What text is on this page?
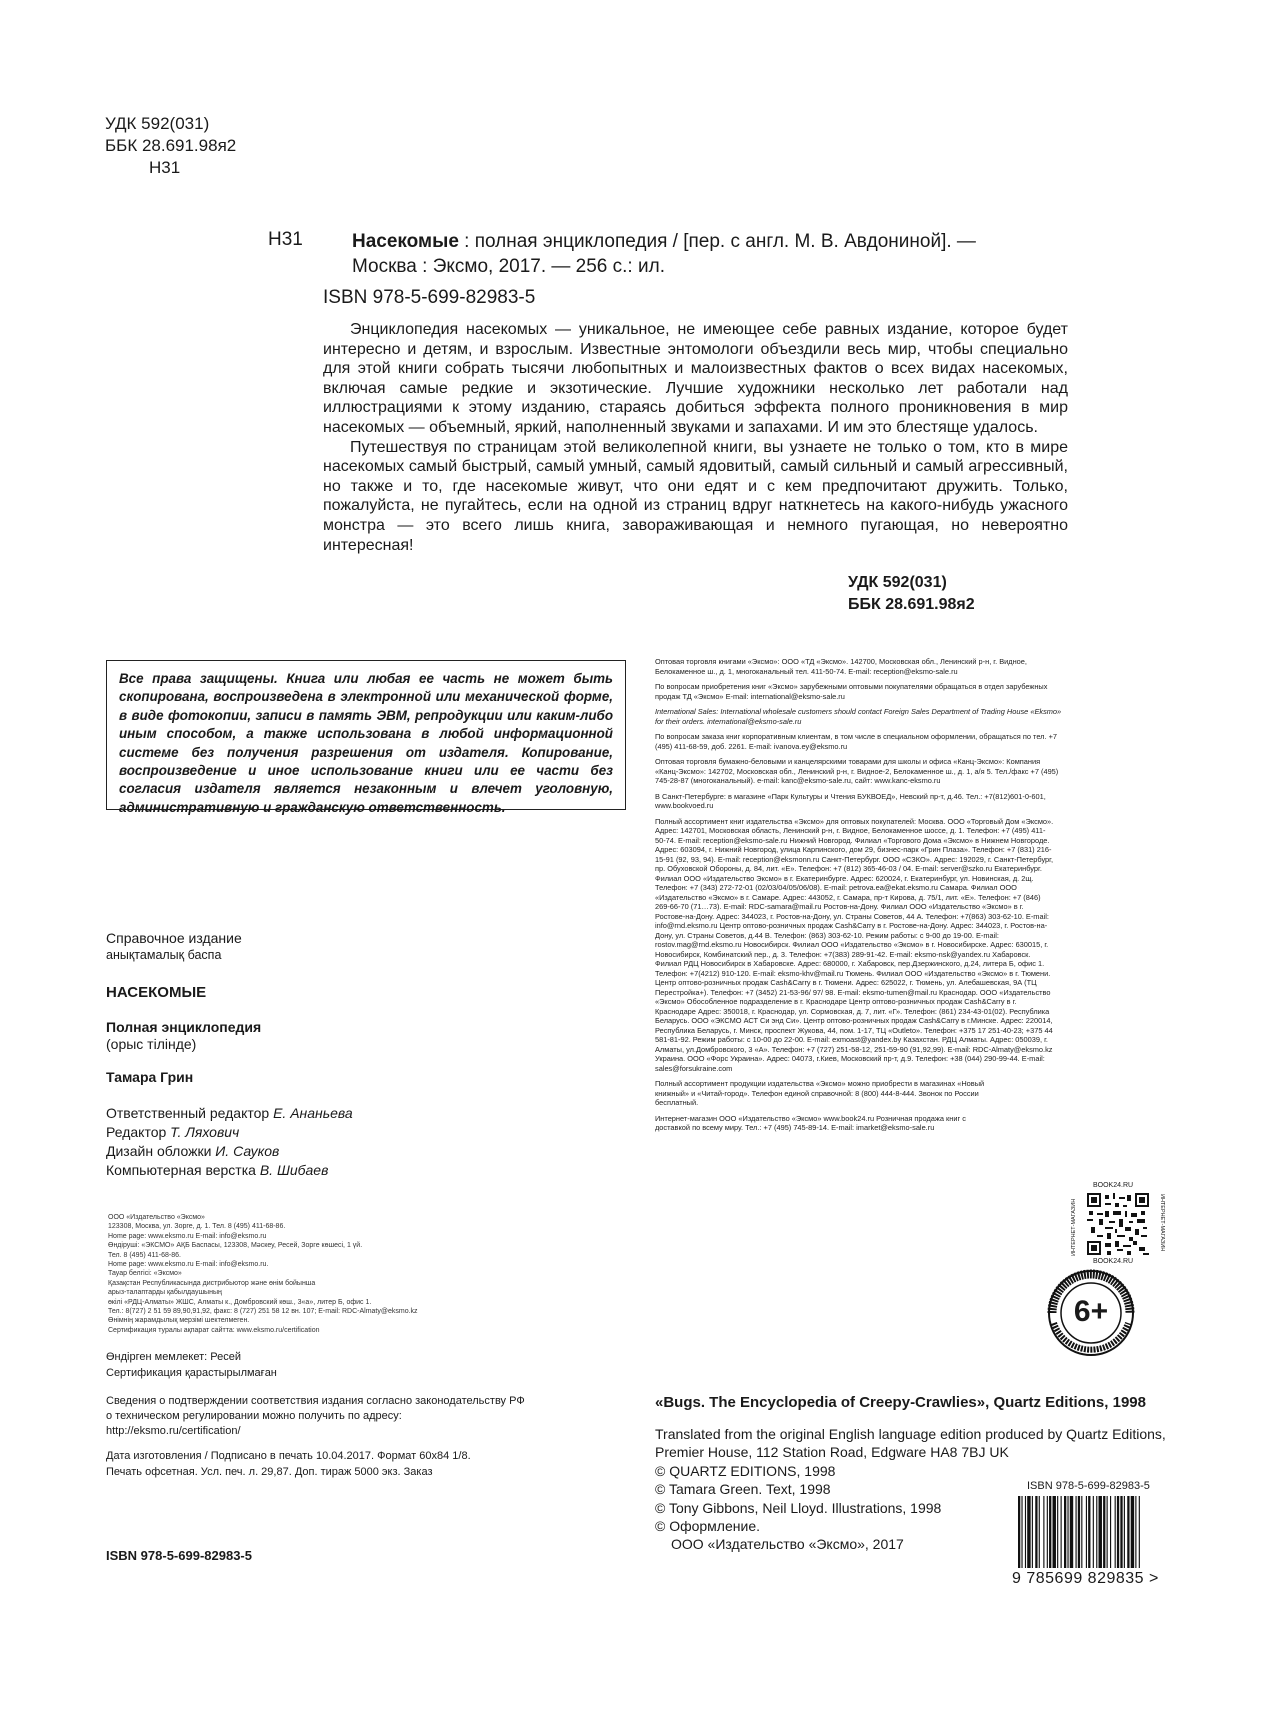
УДК 592(031)
ББК 28.691.98я2
Н31
Н31	Насекомые : полная энциклопедия / [пер. с англ. М. В. Авдониной]. —
Москва : Эксмо, 2017. — 256 с.: ил.
ISBN 978-5-699-82983-5

Энциклопедия насекомых — уникальное, не имеющее себе равных издание, которое будет интересно и детям, и взрослым. Известные энтомологи объездили весь мир, чтобы специально для этой книги собрать тысячи любопытных и малоизвестных фактов о всех видах насекомых, включая самые редкие и экзотические. Лучшие художники несколько лет работали над иллюстрациями к этому изданию, стараясь добиться эффекта полного проникновения в мир насекомых — объемный, яркий, наполненный звуками и запахами. И им это блестяще удалось.

Путешествуя по страницам этой великолепной книги, вы узнаете не только о том, кто в мире насекомых самый быстрый, самый умный, самый ядовитый, самый сильный и самый агрессивный, но также и то, где насекомые живут, что они едят и с кем предпочитают дружить. Только, пожалуйста, не пугайтесь, если на одной из страниц вдруг наткнетесь на какого-нибудь ужасного монстра — это всего лишь книга, завораживающая и немного пугающая, но невероятно интересная!

УДК 592(031)
ББК 28.691.98я2
Все права защищены. Книга или любая ее часть не может быть скопирована, воспроизведена в электронной или механической форме, в виде фотокопии, записи в память ЭВМ, репродукции или каким-либо иным способом, а также использована в любой информационной системе без получения разрешения от издателя. Копирование, воспроизведение и иное использование книги или ее части без согласия издателя является незаконным и влечет уголовную, административную и гражданскую ответственность.

Оптовая торговля книгами «Эксмо»: ООО «ТД «Эксмо». 142700, Московская обл., Ленинский р-н, г. Видное, Белокаменное ш., д. 1, многоканальный тел. 411-50-74. E-mail: reception@eksmo-sale.ru

По вопросам приобретения книг «Эксмо» зарубежными оптовыми покупателями обращаться в отдел зарубежных продаж ТД «Эксмо» E-mail: international@eksmo-sale.ru

International Sales: International wholesale customers should contact Foreign Sales Department of Trading House «Eksmo» for their orders. international@eksmo-sale.ru

По вопросам заказа книг корпоративным клиентам, в том числе в специальном оформлении, обращаться по тел. +7 (495) 411-68-59, доб. 2261. E-mail: ivanova.ey@eksmo.ru

Оптовая торговля бумажно-беловыми и канцелярскими товарами для школы и офиса «Канц-Эксмо»: Компания «Канц-Эксмо»: 142702, Московская обл., Ленинский р-н, г. Видное-2, Белокаменное ш., д. 1, а/я 5. Тел./факс +7 (495) 745-28-87 (многоканальный). e-mail: kanc@eksmo-sale.ru, сайт: www.kanc-eksmo.ru

В Санкт-Петербурге: в магазине «Парк Культуры и Чтения БУКВОЕД», Невский пр-т, д.46. Тел.: +7(812)601-0-601, www.bookvoed.ru

Полный ассортимент книг издательства «Эксмо» для оптовых покупателей: Москва. ООО «Торговый Дом «Эксмо». Адрес: 142701, Московская область, Ленинский р-н, г. Видное, Белокаменное шоссе, д. 1. Телефон: +7 (495) 411-50-74. E-mail: reception@eksmo-sale.ru Нижний Новгород. Филиал «Торгового Дома «Эксмо» в Нижнем Новгороде. Адрес: 603094, г. Нижний Новгород, улица Карпинского, дом 29, бизнес-парк «Грин Плаза». Телефон: +7 (831) 216-15-91 (92, 93, 94). E-mail: reception@eksmonn.ru Санкт-Петербург. ООО «СЗКО». Адрес: 192029, г. Санкт-Петербург, пр. Обуховской Обороны, д. 84, лит. «Е». Телефон: +7 (812) 365-46-03 / 04. E-mail: server@szko.ru Екатеринбург. Филиал ООО «Издательство Эксмо» в г. Екатеринбурге. Адрес: 620024, г. Екатеринбург, ул. Новинская, д. 2щ. Телефон: +7 (343) 272-72-01 (02/03/04/05/06/08). E-mail: petrova.ea@ekat.eksmo.ru Самара. Филиал ООО «Издательство «Эксмо» в г. Самаре. Адрес: 443052, г. Самара, пр-т Кирова, д. 75/1, лит. «Е». Телефон: +7 (846) 269-66-70 (71…73). E-mail: RDC-samara@mail.ru Ростов-на-Дону. Филиал ООО «Издательство «Эксмо» в г. Ростове-на-Дону. Адрес: 344023, г. Ростов-на-Дону, ул. Страны Советов, 44 А. Телефон: +7(863) 303-62-10. E-mail: info@rnd.eksmo.ru Центр оптово-розничных продаж Cash&Carry в г. Ростове-на-Дону. Адрес: 344023, г. Ростов-на-Дону, ул. Страны Советов, д.44 В. Телефон: (863) 303-62-10. Режим работы: с 9-00 до 19-00. E-mail: rostov.mag@rnd.eksmo.ru Новосибирск. Филиал ООО «Издательство «Эксмо» в г. Новосибирске. Адрес: 630015, г. Новосибирск, Комбинатский пер., д. 3. Телефон: +7(383) 289-91-42. E-mail: eksmo-nsk@yandex.ru Хабаровск. Филиал РДЦ Новосибирск в Хабаровске. Адрес: 680000, г. Хабаровск, пер.Дзержинского, д.24, литера Б, офис 1. Телефон: +7(4212) 910-120. E-mail: eksmo-khv@mail.ru Тюмень. Филиал ООО «Издательство «Эксмо» в г. Тюмени. Центр оптово-розничных продаж Cash&Carry в г. Тюмени. Адрес: 625022, г. Тюмень, ул. Алебашевская, 9А (ТЦ Перестройка+). Телефон: +7 (3452) 21-53-96/ 97/ 98. E-mail: eksmo-tumen@mail.ru Краснодар. ООО «Издательство «Эксмо» Обособленное подразделение в г. Краснодаре Центр оптово-розничных продаж Cash&Carry в г. Краснодаре Адрес: 350018, г. Краснодар, ул. Сормовская, д. 7, лит. «Г». Телефон: (861) 234-43-01(02). Республика Беларусь. ООО «ЭКСМО АСТ Си энд Си». Центр оптово-розничных продаж Cash&Carry в г.Минске. Адрес: 220014, Республика Беларусь, г. Минск, проспект Жукова, 44, пом. 1-17, ТЦ «Outleto». Телефон: +375 17 251-40-23; +375 44 581-81-92. Режим работы: с 10-00 до 22-00. E-mail: exmoast@yandex.by Казахстан. РДЦ Алматы. Адрес: 050039, г. Алматы, ул.Домбровского, 3 «А». Телефон: +7 (727) 251-58-12, 251-59-90 (91,92,99). E-mail: RDC-Almaty@eksmo.kz Украина. ООО «Форс Украина». Адрес: 04073, г.Киев, Московский пр-т, д.9. Телефон: +38 (044) 290-99-44. E-mail: sales@forsukraine.com

Полный ассортимент продукции издательства «Эксмо» можно приобрести в магазинах «Новый книжный» и «Читай-город». Телефон единой справочной: 8 (800) 444-8-444. Звонок по России бесплатный.

Интернет-магазин ООО «Издательство «Эксмо» www.book24.ru Розничная продажа книг с доставкой по всему миру. Тел.: +7 (495) 745-89-14. E-mail: imarket@eksmo-sale.ru

Справочное издание
анықтамалық баспа
НАСЕКОМЫЕ
Полная энциклопедия
(орыс тілінде)
Тамара Грин
Ответственный редактор Е. Ананьева
Редактор Т. Ляхович
Дизайн обложки И. Сауков
Компьютерная верстка В. Шибаев

ООО «Издательство «Эксмо»

123308, Москва, ул. Зорге, д. 1. Тел. 8 (495) 411-68-86.

Home page: www.eksmo.ru E-mail: info@eksmo.ru

Өндіруші: «ЭКСМО» АҚБ Баспасы, 123308, Мәскеу, Ресей, Зорге көшесі, 1 үй.

Тел. 8 (495) 411-68-86.

Home page: www.eksmo.ru E-mail: info@eksmo.ru.

Тауар белгісі: «Эксмо»

Қазақстан Республикасында дистрибьютор және өнім бойынша

арыз-талаптарды қабылдаушының

өкілі «РДЦ-Алматы» ЖШС, Алматы к., Домбровский көш., 3«а», литер Б, офис 1.

Тел.: 8(727) 2 51 59 89,90,91,92, факс: 8 (727) 251 58 12 вн. 107; E-mail: RDC-Almaty@eksmo.kz

Өнімнің жарамдылық мерзімі шектелмеген.

Сертификация туралы ақпарат сайтта: www.eksmo.ru/certification

Өндірген мемлекет: Ресей
Сертификация қарастырылмаған
Сведения о подтверждении соответствия издания согласно законодательству РФ
о техническом регулировании можно получить по адресу:
http://eksmo.ru/certification/
Дата изготовления / Подписано в печать 10.04.2017. Формат 60x84 1/8.
Печать офсетная. Усл. печ. л. 29,87. Доп. тираж 5000 экз. Заказ
ISBN 978-5-699-82983-5
«Bugs. The Encyclopedia of Creepy-Crawlies», Quartz Editions, 1998
Translated from the original English language edition produced by Quartz Editions,
Premier House, 112 Station Road, Edgware HA8 7BJ UK
© QUARTZ EDITIONS, 1998
© Tamara Green. Text, 1998
© Tony Gibbons, Neil Lloyd. Illustrations, 1998
© Оформление.
ООО «Издательство «Эксмо», 2017
BOOK24.RU
ИНТЕРНЕТ-МАГАЗИН	ИНТЕРНЕТ-МАГАЗИН
BOOK24.RU
6+
ISBN 978-5-699-82983-5
9 785699 829835 >
